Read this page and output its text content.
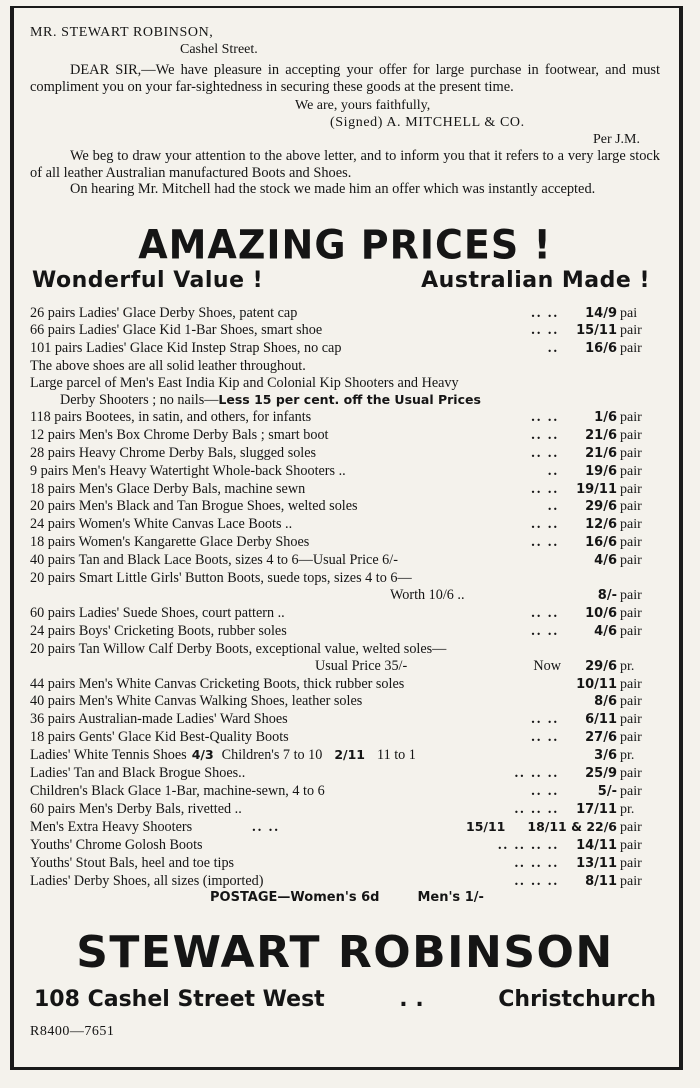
MR. STEWART ROBINSON,
Cashel Street.

DEAR SIR,—We have pleasure in accepting your offer for large purchase in footwear, and must compliment you on your far-sightedness in securing these goods at the present time.

We are, yours faithfully,
(Signed) A. MITCHELL & CO.
Per J.M.

We beg to draw your attention to the above letter, and to inform you that it refers to a very large stock of all leather Australian manufactured Boots and Shoes.

On hearing Mr. Mitchell had the stock we made him an offer which was instantly accepted.

AMAZING PRICES !
Wonderful Value !	Australian Made !
26 pairs Ladies' Glace Derby Shoes, patent cap	.. ..	14/9 pai
66 pairs Ladies' Glace Kid 1-Bar Shoes, smart shoe	.. ..	15/11 pair
101 pairs Ladies' Glace Kid Instep Strap Shoes, no cap	..	16/6 pair
The above shoes are all solid leather throughout.
Large parcel of Men's East India Kip and Colonial Kip Shooters and Heavy
Derby Shooters ; no nails—Less 15 per cent. off the Usual Prices
118 pairs Bootees, in satin, and others, for infants	.. ..	1/6 pair
12 pairs Men's Box Chrome Derby Bals ; smart boot	.. ..	21/6 pair
28 pairs Heavy Chrome Derby Bals, slugged soles	.. ..	21/6 pair
9 pairs Men's Heavy Watertight Whole-back Shooters ..	..	19/6 pair
18 pairs Men's Glace Derby Bals, machine sewn	.. ..	19/11 pair
20 pairs Men's Black and Tan Brogue Shoes, welted soles	..	29/6 pair
24 pairs Women's White Canvas Lace Boots ..	.. ..	12/6 pair
18 pairs Women's Kangarette Glace Derby Shoes	.. ..	16/6 pair
40 pairs Tan and Black Lace Boots, sizes 4 to 6—Usual Price 6/-	4/6 pair
20 pairs Smart Little Girls' Button Boots, suede tops, sizes 4 to 6—
Worth 10/6 ..	8/- pair
60 pairs Ladies' Suede Shoes, court pattern ..	.. ..	10/6 pair
24 pairs Boys' Cricketing Boots, rubber soles	.. ..	4/6 pair
20 pairs Tan Willow Calf Derby Boots, exceptional value, welted soles—
Usual Price 35/-	Now	29/6 pr.
44 pairs Men's White Canvas Cricketing Boots, thick rubber soles	10/11 pair
40 pairs Men's White Canvas Walking Shoes, leather soles	8/6 pair
36 pairs Australian-made Ladies' Ward Shoes	.. ..	6/11 pair
18 pairs Gents' Glace Kid Best-Quality Boots	.. ..	27/6 pair
Ladies' White Tennis Shoes 4/3 Children's 7 to 10 2/11 11 to 1	3/6 pr.
Ladies' Tan and Black Brogue Shoes..	.. .. ..	25/9 pair
Children's Black Glace 1-Bar, machine-sewn, 4 to 6	.. ..	5/- pair
60 pairs Men's Derby Bals, rivetted ..	.. .. ..	17/11 pr.
Men's Extra Heavy Shooters	.. ..	15/11	18/11 & 22/6 pair
Youths' Chrome Golosh Boots	.. .. .. ..	14/11 pair
Youths' Stout Bals, heel and toe tips	.. .. ..	13/11 pair
Ladies' Derby Shoes, all sizes (imported)	.. .. ..	8/11 pair
POSTAGE—Women's 6d	Men's 1/-
STEWART ROBINSON
108 Cashel Street West	. .	Christchurch
R8400—7651
